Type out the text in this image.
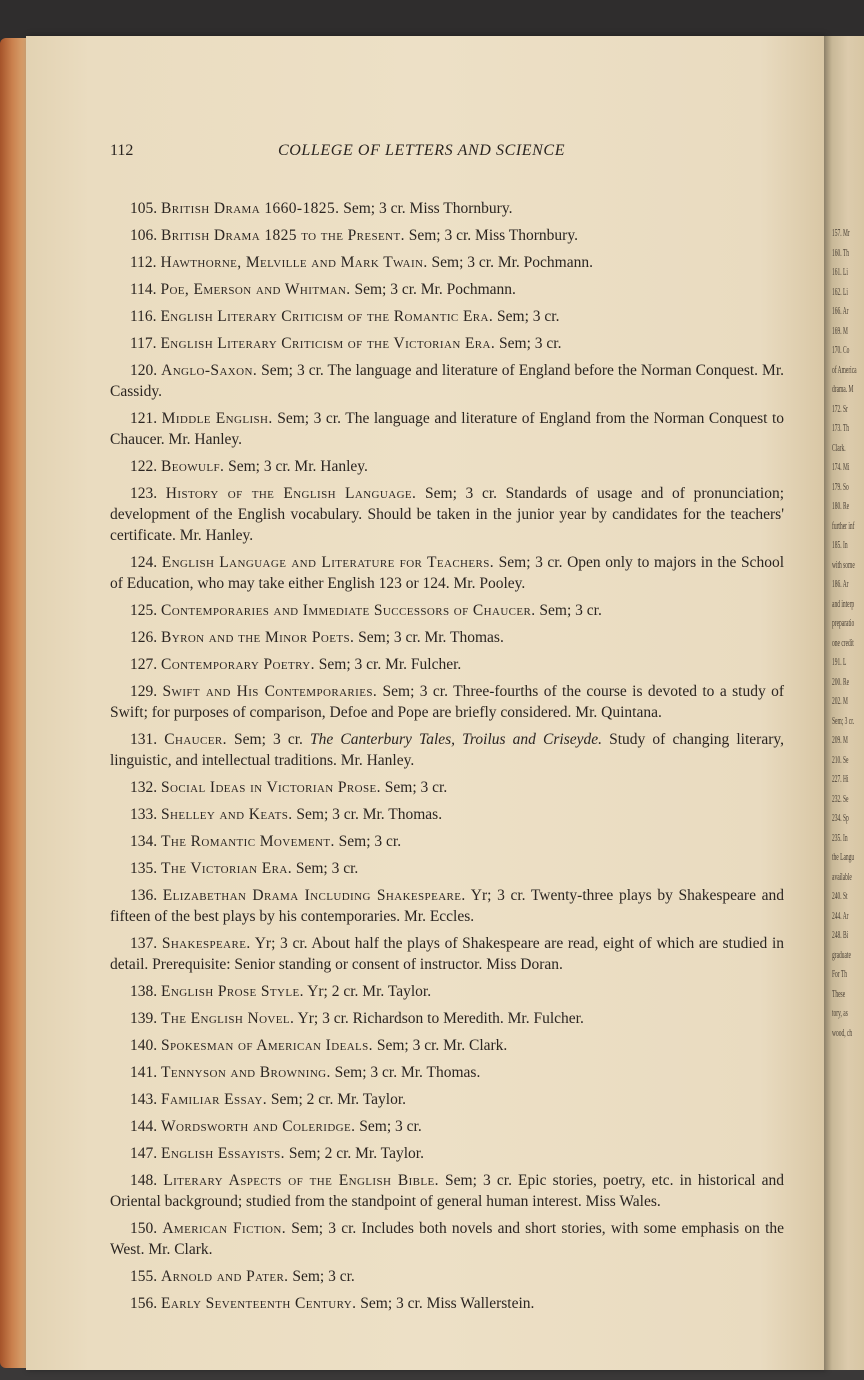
157. Mr
160. Th
161. Li
162. Li
166. Ar
169. M
170. Co
of America
drama. M
172. Sr
173. Th
Clark.
174. Mi
179. So
180. Re
further inf
185. In
with some
186. Ar
and interp
preparatio
one credit
191. L
200. Re
202. M
Sem; 3 cr.
209. M
210. Se
227. Hi
232. Se
234. Sp
235. In
the Langu
available
240. St
244. Ar
248. Bi
graduate
For Th
These
tory, as
wood, ch
112	COLLEGE OF LETTERS AND SCIENCE

105. British Drama 1660-1825. Sem; 3 cr. Miss Thornbury.

106. British Drama 1825 to the Present. Sem; 3 cr. Miss Thornbury.

112. Hawthorne, Melville and Mark Twain. Sem; 3 cr. Mr. Pochmann.

114. Poe, Emerson and Whitman. Sem; 3 cr. Mr. Pochmann.

116. English Literary Criticism of the Romantic Era. Sem; 3 cr.

117. English Literary Criticism of the Victorian Era. Sem; 3 cr.

120. Anglo-Saxon. Sem; 3 cr. The language and literature of England before the Norman Conquest. Mr. Cassidy.

121. Middle English. Sem; 3 cr. The language and literature of England from the Norman Conquest to Chaucer. Mr. Hanley.

122. Beowulf. Sem; 3 cr. Mr. Hanley.

123. History of the English Language. Sem; 3 cr. Standards of usage and of pronunciation; development of the English vocabulary. Should be taken in the junior year by candidates for the teachers' certificate. Mr. Hanley.

124. English Language and Literature for Teachers. Sem; 3 cr. Open only to majors in the School of Education, who may take either English 123 or 124. Mr. Pooley.

125. Contemporaries and Immediate Successors of Chaucer. Sem; 3 cr.

126. Byron and the Minor Poets. Sem; 3 cr. Mr. Thomas.

127. Contemporary Poetry. Sem; 3 cr. Mr. Fulcher.

129. Swift and His Contemporaries. Sem; 3 cr. Three-fourths of the course is devoted to a study of Swift; for purposes of comparison, Defoe and Pope are briefly considered. Mr. Quintana.

131. Chaucer. Sem; 3 cr. The Canterbury Tales, Troilus and Criseyde. Study of changing literary, linguistic, and intellectual traditions. Mr. Hanley.

132. Social Ideas in Victorian Prose. Sem; 3 cr.

133. Shelley and Keats. Sem; 3 cr. Mr. Thomas.

134. The Romantic Movement. Sem; 3 cr.

135. The Victorian Era. Sem; 3 cr.

136. Elizabethan Drama Including Shakespeare. Yr; 3 cr. Twenty-three plays by Shakespeare and fifteen of the best plays by his contemporaries. Mr. Eccles.

137. Shakespeare. Yr; 3 cr. About half the plays of Shakespeare are read, eight of which are studied in detail. Prerequisite: Senior standing or consent of instructor. Miss Doran.

138. English Prose Style. Yr; 2 cr. Mr. Taylor.

139. The English Novel. Yr; 3 cr. Richardson to Meredith. Mr. Fulcher.

140. Spokesman of American Ideals. Sem; 3 cr. Mr. Clark.

141. Tennyson and Browning. Sem; 3 cr. Mr. Thomas.

143. Familiar Essay. Sem; 2 cr. Mr. Taylor.

144. Wordsworth and Coleridge. Sem; 3 cr.

147. English Essayists. Sem; 2 cr. Mr. Taylor.

148. Literary Aspects of the English Bible. Sem; 3 cr. Epic stories, poetry, etc. in historical and Oriental background; studied from the standpoint of general human interest. Miss Wales.

150. American Fiction. Sem; 3 cr. Includes both novels and short stories, with some emphasis on the West. Mr. Clark.

155. Arnold and Pater. Sem; 3 cr.

156. Early Seventeenth Century. Sem; 3 cr. Miss Wallerstein.
